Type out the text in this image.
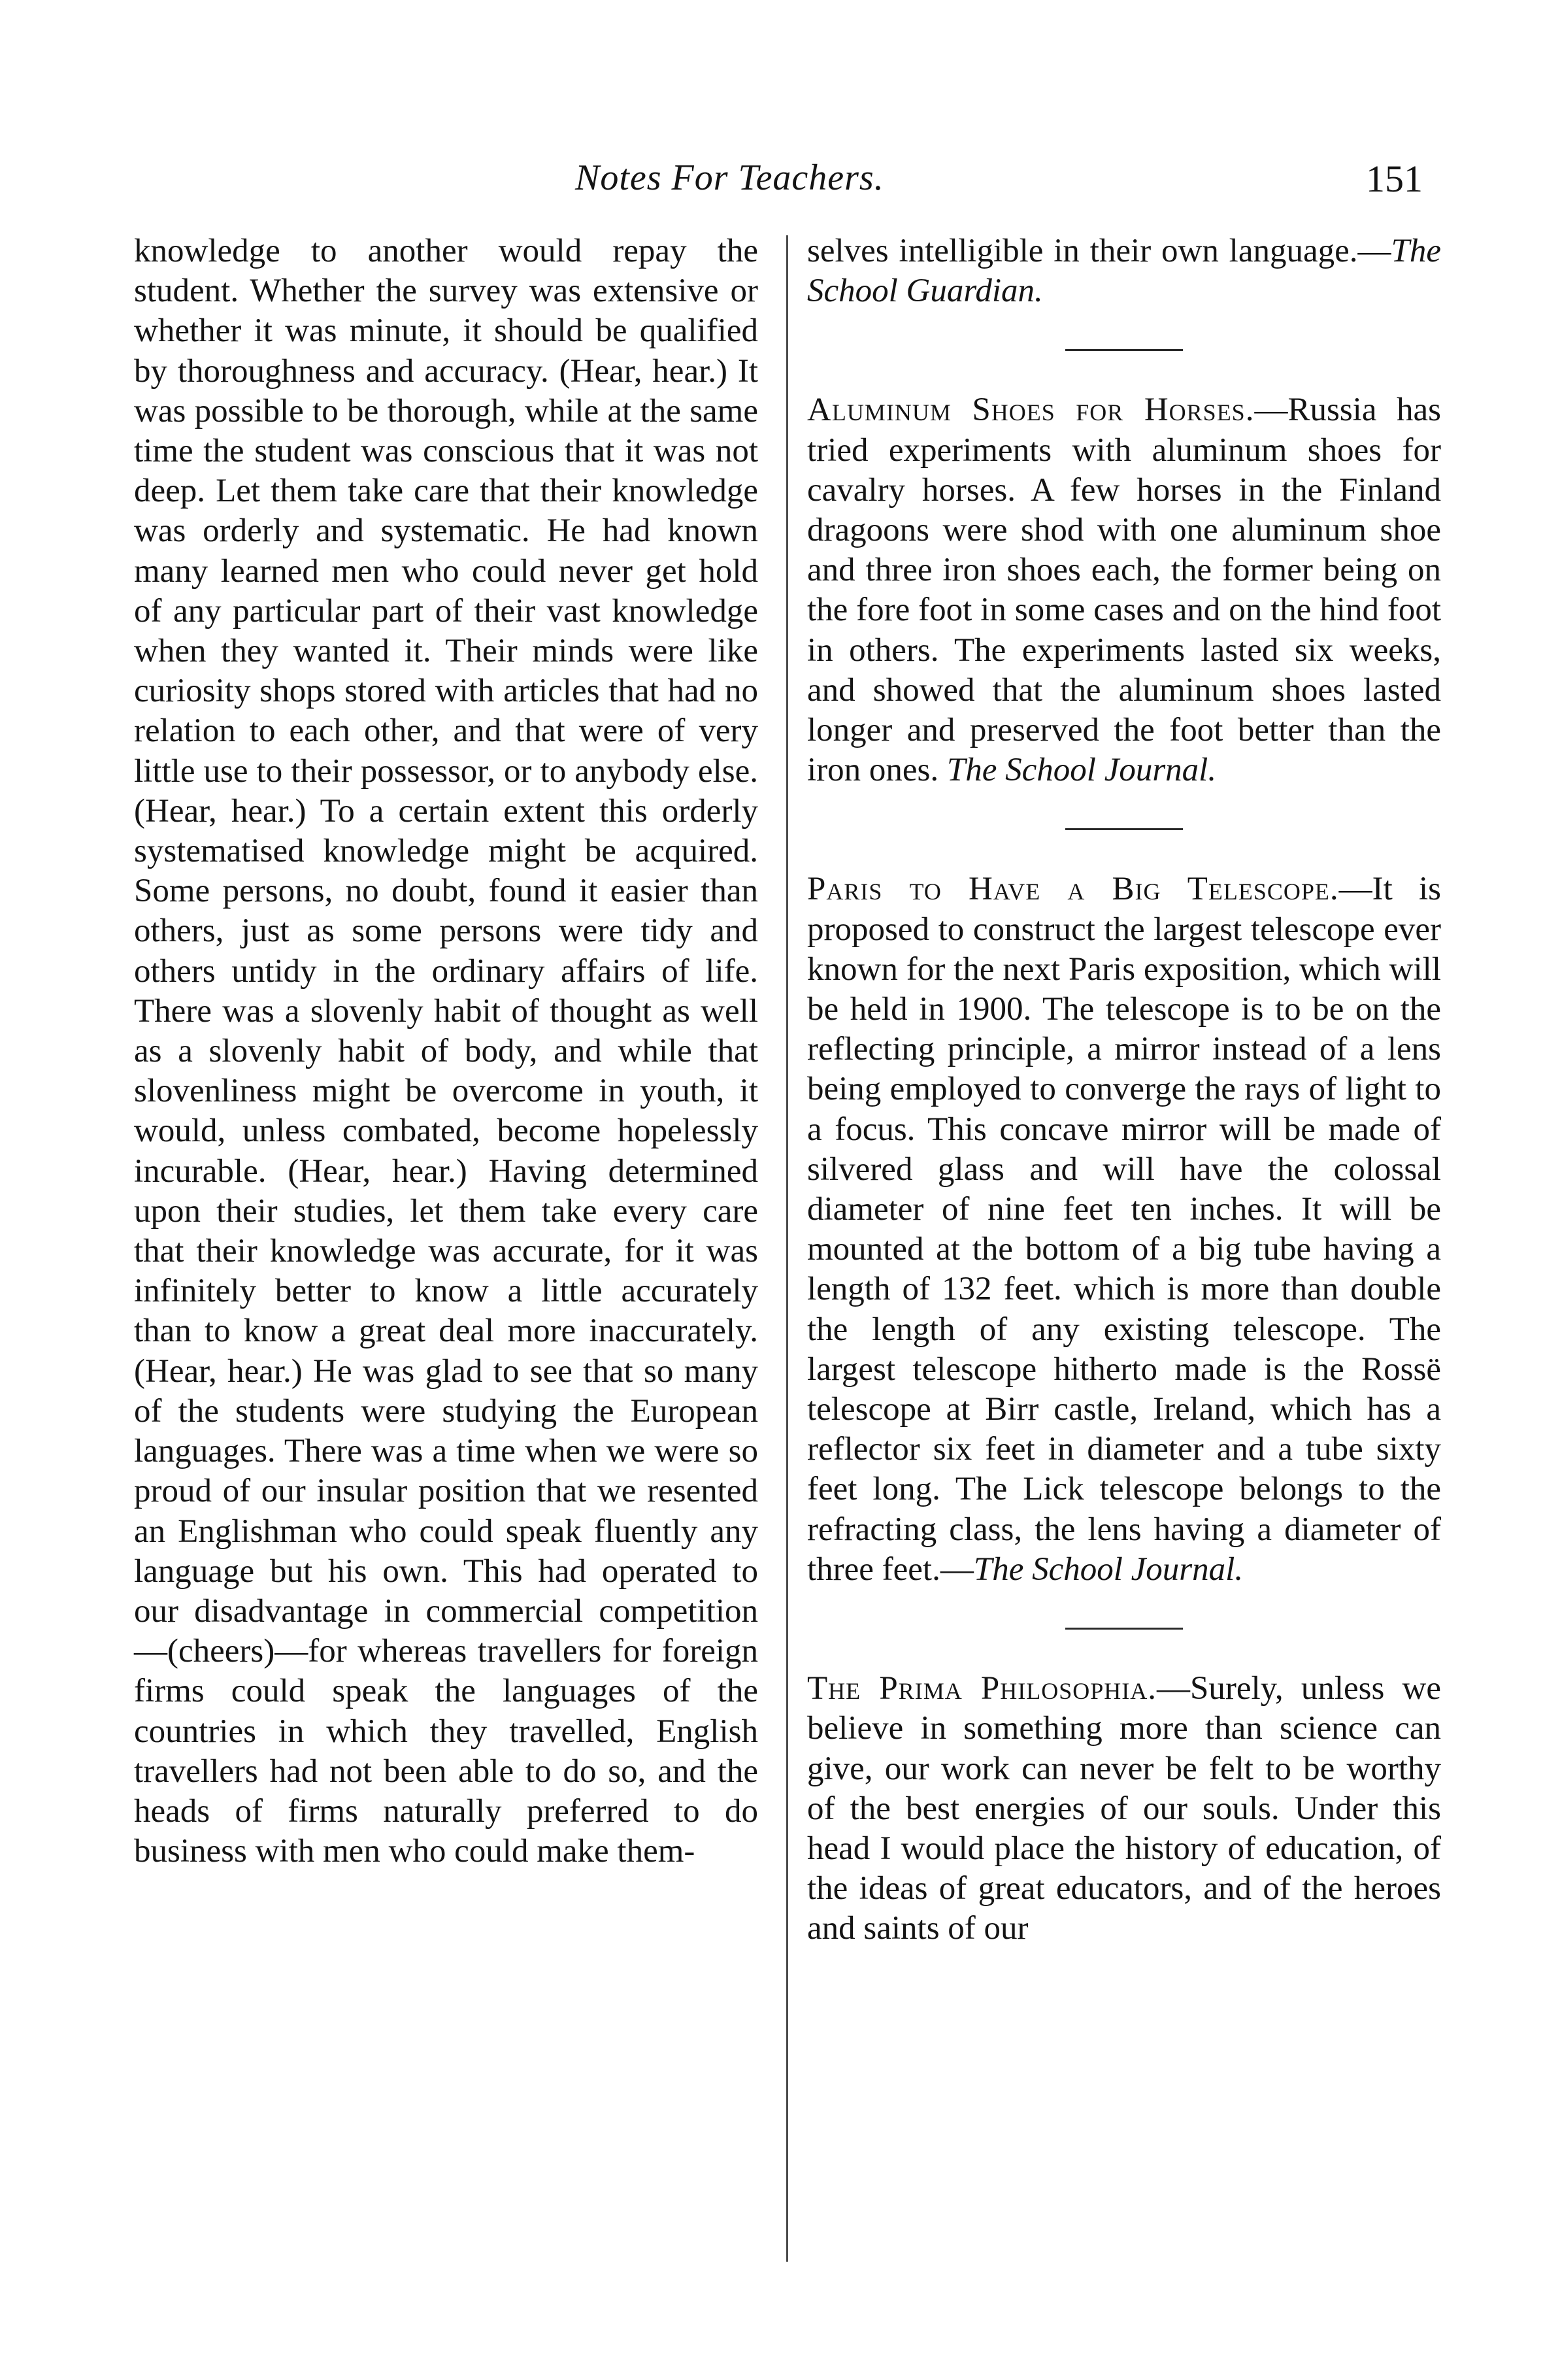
Notes For Teachers.	151

knowledge to another would repay the student. Whether the survey was extensive or whether it was minute, it should be qualified by thoroughness and accuracy. (Hear, hear.) It was possible to be thorough, while at the same time the student was conscious that it was not deep. Let them take care that their knowledge was orderly and systematic. He had known many learned men who could never get hold of any particular part of their vast knowledge when they wanted it. Their minds were like curiosity shops stored with articles that had no relation to each other, and that were of very little use to their possessor, or to anybody else. (Hear, hear.) To a certain extent this orderly systematised knowledge might be acquired. Some persons, no doubt, found it easier than others, just as some persons were tidy and others untidy in the ordinary affairs of life. There was a slovenly habit of thought as well as a slovenly habit of body, and while that slovenliness might be overcome in youth, it would, unless combated, become hopelessly incurable. (Hear, hear.) Having determined upon their studies, let them take every care that their knowledge was accurate, for it was infinitely better to know a little accurately than to know a great deal more inaccurately. (Hear, hear.) He was glad to see that so many of the students were studying the European languages. There was a time when we were so proud of our insular position that we resented an Englishman who could speak fluently any language but his own. This had operated to our disadvantage in commercial competition—(cheers)—for whereas travellers for foreign firms could speak the languages of the countries in which they travelled, English travellers had not been able to do so, and the heads of firms naturally preferred to do business with men who could make them-

selves intelligible in their own language.—The School Guardian.

Aluminum Shoes for Horses.—Russia has tried experiments with aluminum shoes for cavalry horses. A few horses in the Finland dragoons were shod with one aluminum shoe and three iron shoes each, the former being on the fore foot in some cases and on the hind foot in others. The experiments lasted six weeks, and showed that the aluminum shoes lasted longer and preserved the foot better than the iron ones. The School Journal.

Paris to Have a Big Telescope.—It is proposed to construct the largest telescope ever known for the next Paris exposition, which will be held in 1900. The telescope is to be on the reflecting principle, a mirror instead of a lens being employed to converge the rays of light to a focus. This concave mirror will be made of silvered glass and will have the colossal diameter of nine feet ten inches. It will be mounted at the bottom of a big tube having a length of 132 feet. which is more than double the length of any existing telescope. The largest telescope hitherto made is the Rossë telescope at Birr castle, Ireland, which has a reflector six feet in diameter and a tube sixty feet long. The Lick telescope belongs to the refracting class, the lens having a diameter of three feet.—The School Journal.

The Prima Philosophia.—Surely, unless we believe in something more than science can give, our work can never be felt to be worthy of the best energies of our souls. Under this head I would place the history of education, of the ideas of great educators, and of the heroes and saints of our
